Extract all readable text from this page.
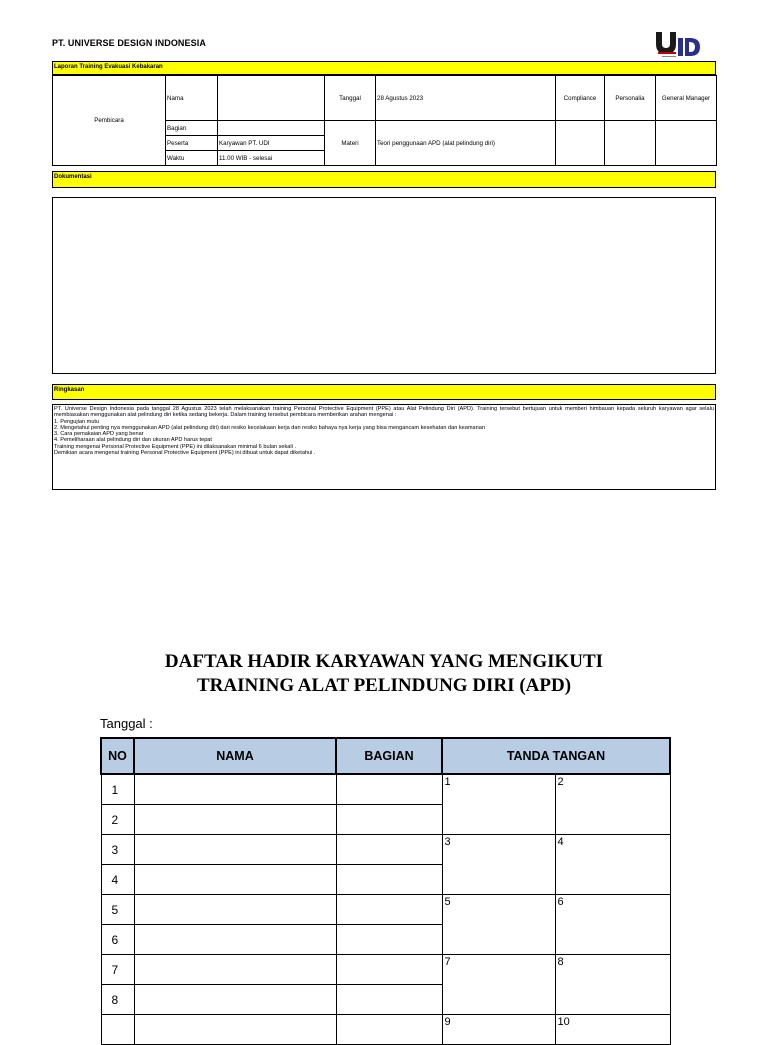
PT. UNIVERSE DESIGN INDONESIA
Laporan Training Evakuasi Kebakaran
Pembicara	Nama		Tanggal	28 Agustus 2023	Compliance	Personalia	General Manager
	Bagian		Materi	Teori penggunaan APD (alat pelindung diri)			
	Peserta	Karyawan PT. UDI					
	Waktu	11.00 WIB - selesai					
Dokumentasi
Ringkasan
PT. Universe Design Indonesia pada tanggal 28 Agustus 2023 telah melaksanakan training Personal Protective Equipment (PPE) atau Alat Pelindung Diri (APD). Training tersebut bertujuan untuk memberi himbauan kepada seluruh karyawan agar selalu membiasakan menggunakan alat pelindung diri ketika sedang bekerja. Dalam training tersebut pembicara memberikan arahan mengenai :
1. Pengujian mutu
2. Mengetahui penting nya menggunakan APD (alat pelindung diri) dari resiko kecelakaan kerja dan resiko bahaya nya kerja yang bisa mengancam kesehatan dan keamanan
3. Cara pemakaian APD yang benar
4. Pemeliharaan alat pelindung diri dan ukuran APD harus tepat
Training mengenai Personal Protective Equipment (PPE) ini dilaksanakan minimal 6 bulan sekali .
Demikian acara mengenai training Personal Protective Equipment (PPE) ini dibuat untuk dapat diketahui .
DAFTAR HADIR KARYAWAN YANG MENGIKUTI
TRAINING ALAT PELINDUNG DIRI (APD)
Tanggal :
NO	NAMA	BAGIAN	TANDA TANGAN	
1			1	2
2				
3			3	4
4				
5			5	6
6				
7			7	8
8				
			9	10
